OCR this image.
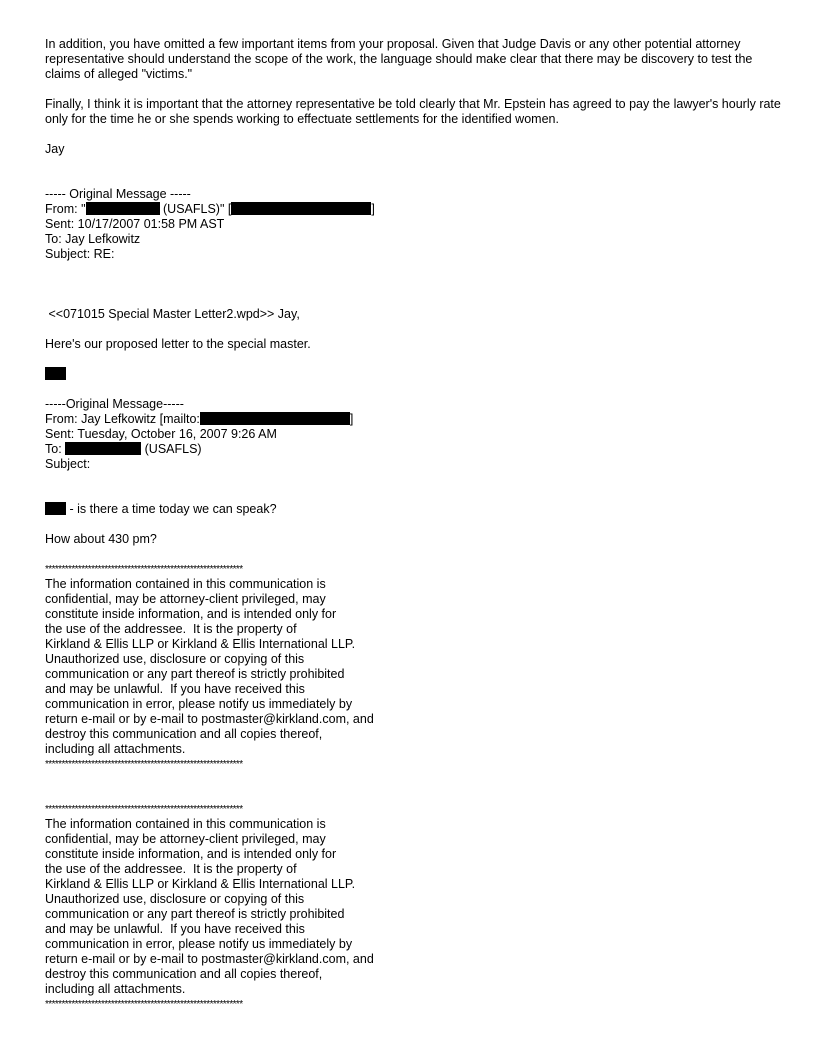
In addition, you have omitted a few important items from your proposal. Given that Judge Davis or any other potential attorney representative should understand the scope of the work, the language should make clear that there may be discovery to test the claims of alleged "victims."

Finally, I think it is important that the attorney representative be told clearly that Mr. Epstein has agreed to pay the lawyer's hourly rate only for the time he or she spends working to effectuate settlements for the identified women.

Jay

----- Original Message -----
From: "	(USAFLS)" [	]
Sent: 10/17/2007 01:58 PM AST
To: Jay Lefkowitz
Subject: RE:
<<071015 Special Master Letter2.wpd>> Jay,
Here's our proposed letter to the special master.
-----Original Message-----
From: Jay Lefkowitz [mailto:	]
Sent: Tuesday, October 16, 2007 9:26 AM
To:	(USAFLS)
Subject:
- is there a time today we can speak?
How about 430 pm?
************************************************************
The information contained in this communication is
confidential, may be attorney-client privileged, may
constitute inside information, and is intended only for
the use of the addressee.  It is the property of
Kirkland & Ellis LLP or Kirkland & Ellis International LLP.
Unauthorized use, disclosure or copying of this
communication or any part thereof is strictly prohibited
and may be unlawful.  If you have received this
communication in error, please notify us immediately by
return e-mail or by e-mail to postmaster@kirkland.com, and
destroy this communication and all copies thereof,
including all attachments.
************************************************************
************************************************************
The information contained in this communication is
confidential, may be attorney-client privileged, may
constitute inside information, and is intended only for
the use of the addressee.  It is the property of
Kirkland & Ellis LLP or Kirkland & Ellis International LLP.
Unauthorized use, disclosure or copying of this
communication or any part thereof is strictly prohibited
and may be unlawful.  If you have received this
communication in error, please notify us immediately by
return e-mail or by e-mail to postmaster@kirkland.com, and
destroy this communication and all copies thereof,
including all attachments.
************************************************************
